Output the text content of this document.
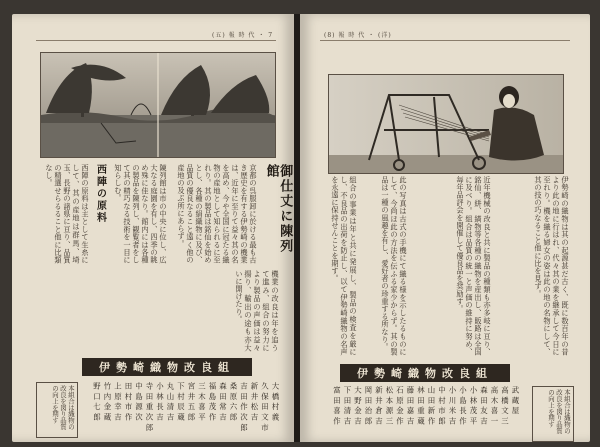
(五) 報 時 代 ・ 7
御仕丈に陳列館
西陣の原料	京都の呉服卸に於ける最も古き歴史を有する伊勢崎の機業は、近年に至りて益々其の名を高め、今や全国に冠たる織物の産地として知られるに至れり。其の製品は銘仙を始めとし、各種の絹織物に及び、品質の優良なること遠く他の産地の及ぶ所にあらず。
陳列館は市の中央に位し、広大なる庭園を有し、四季の眺め殊に佳なり。館内には各種の製品を陳列し、観覧者をして其の精巧なる技術を一目に知らしむ。
西陣の原料は主として生糸にして、其の産地は群馬、埼玉、長野の諸県に亘り、品質の精選せらるること他に比類なし。
機業の改良は年を追うて進み、組合の努力により製品の声価は益々揚り、輸出の途も亦大いに開けたり。
伊勢崎織物改良組
大 橋 村 義
久 保 田 文 市
新 井 松 吉
吉 田 作 次 郎
桑 原 六 郎
森 田 常 吉
福 島 茂 作
三 木 喜 平
宮 井 五 郎
下 村 辰 蔵
丸 山 清 吉
小 林 長 吉
寺 田 重 次 郎
中 島 源 次
田 村 市 作
上 原 幸 吉
竹 内 金 蔵
野 口 七 郎
本組合は織物の改良を図り品質の向上を期す
(8) 報 時 代 ・ (洋)
伊勢崎の織物は其の起源甚だ古く、既に数百年の昔より此の地に行はれ、代々其の業を継承して今日に至れり。機を織る婦女の姿は此の地の名物にして、其の技の巧なること他に比を見ず。
近年機械の改良と共に製品の種類も亦多岐に亘り、銘仙、絣、縞物等各種の織物を産出し、販路は全国に及べり。組合は品質の統一と声価の維持に努め、毎年品評会を開催して優良品を奨励す。
此の写真は古式の手機にて織る様を示したるものにして、今尚ほ此の方法を伝ふる家少からず。其の製品は一種の風趣を有し、愛好者の珍重する所なり。
組合の事業は年と共に発展し、製品の検査を厳にし、不良品の出荷を防止し、以て伊勢崎織物の名声を永遠に保持せんことを期す。
伊勢崎織物改良組
武 蔵 屋
高 橋 文 三
高 木 喜 一
森 田 友 吉
小 林 茂 平
小 島 長 作
小 川 米 吉
中 村 市 郎
山 田 新 作
林 田 重 蔵
藤 田 嘉 吉
石 原 金 作
松 本 源 三
新 井 倉 吉
岡 田 治 郎
大 野 金 吉
下 田 清 吉
富 田 喜 作	本組合は織物の改良を図り品質の向上を期す
